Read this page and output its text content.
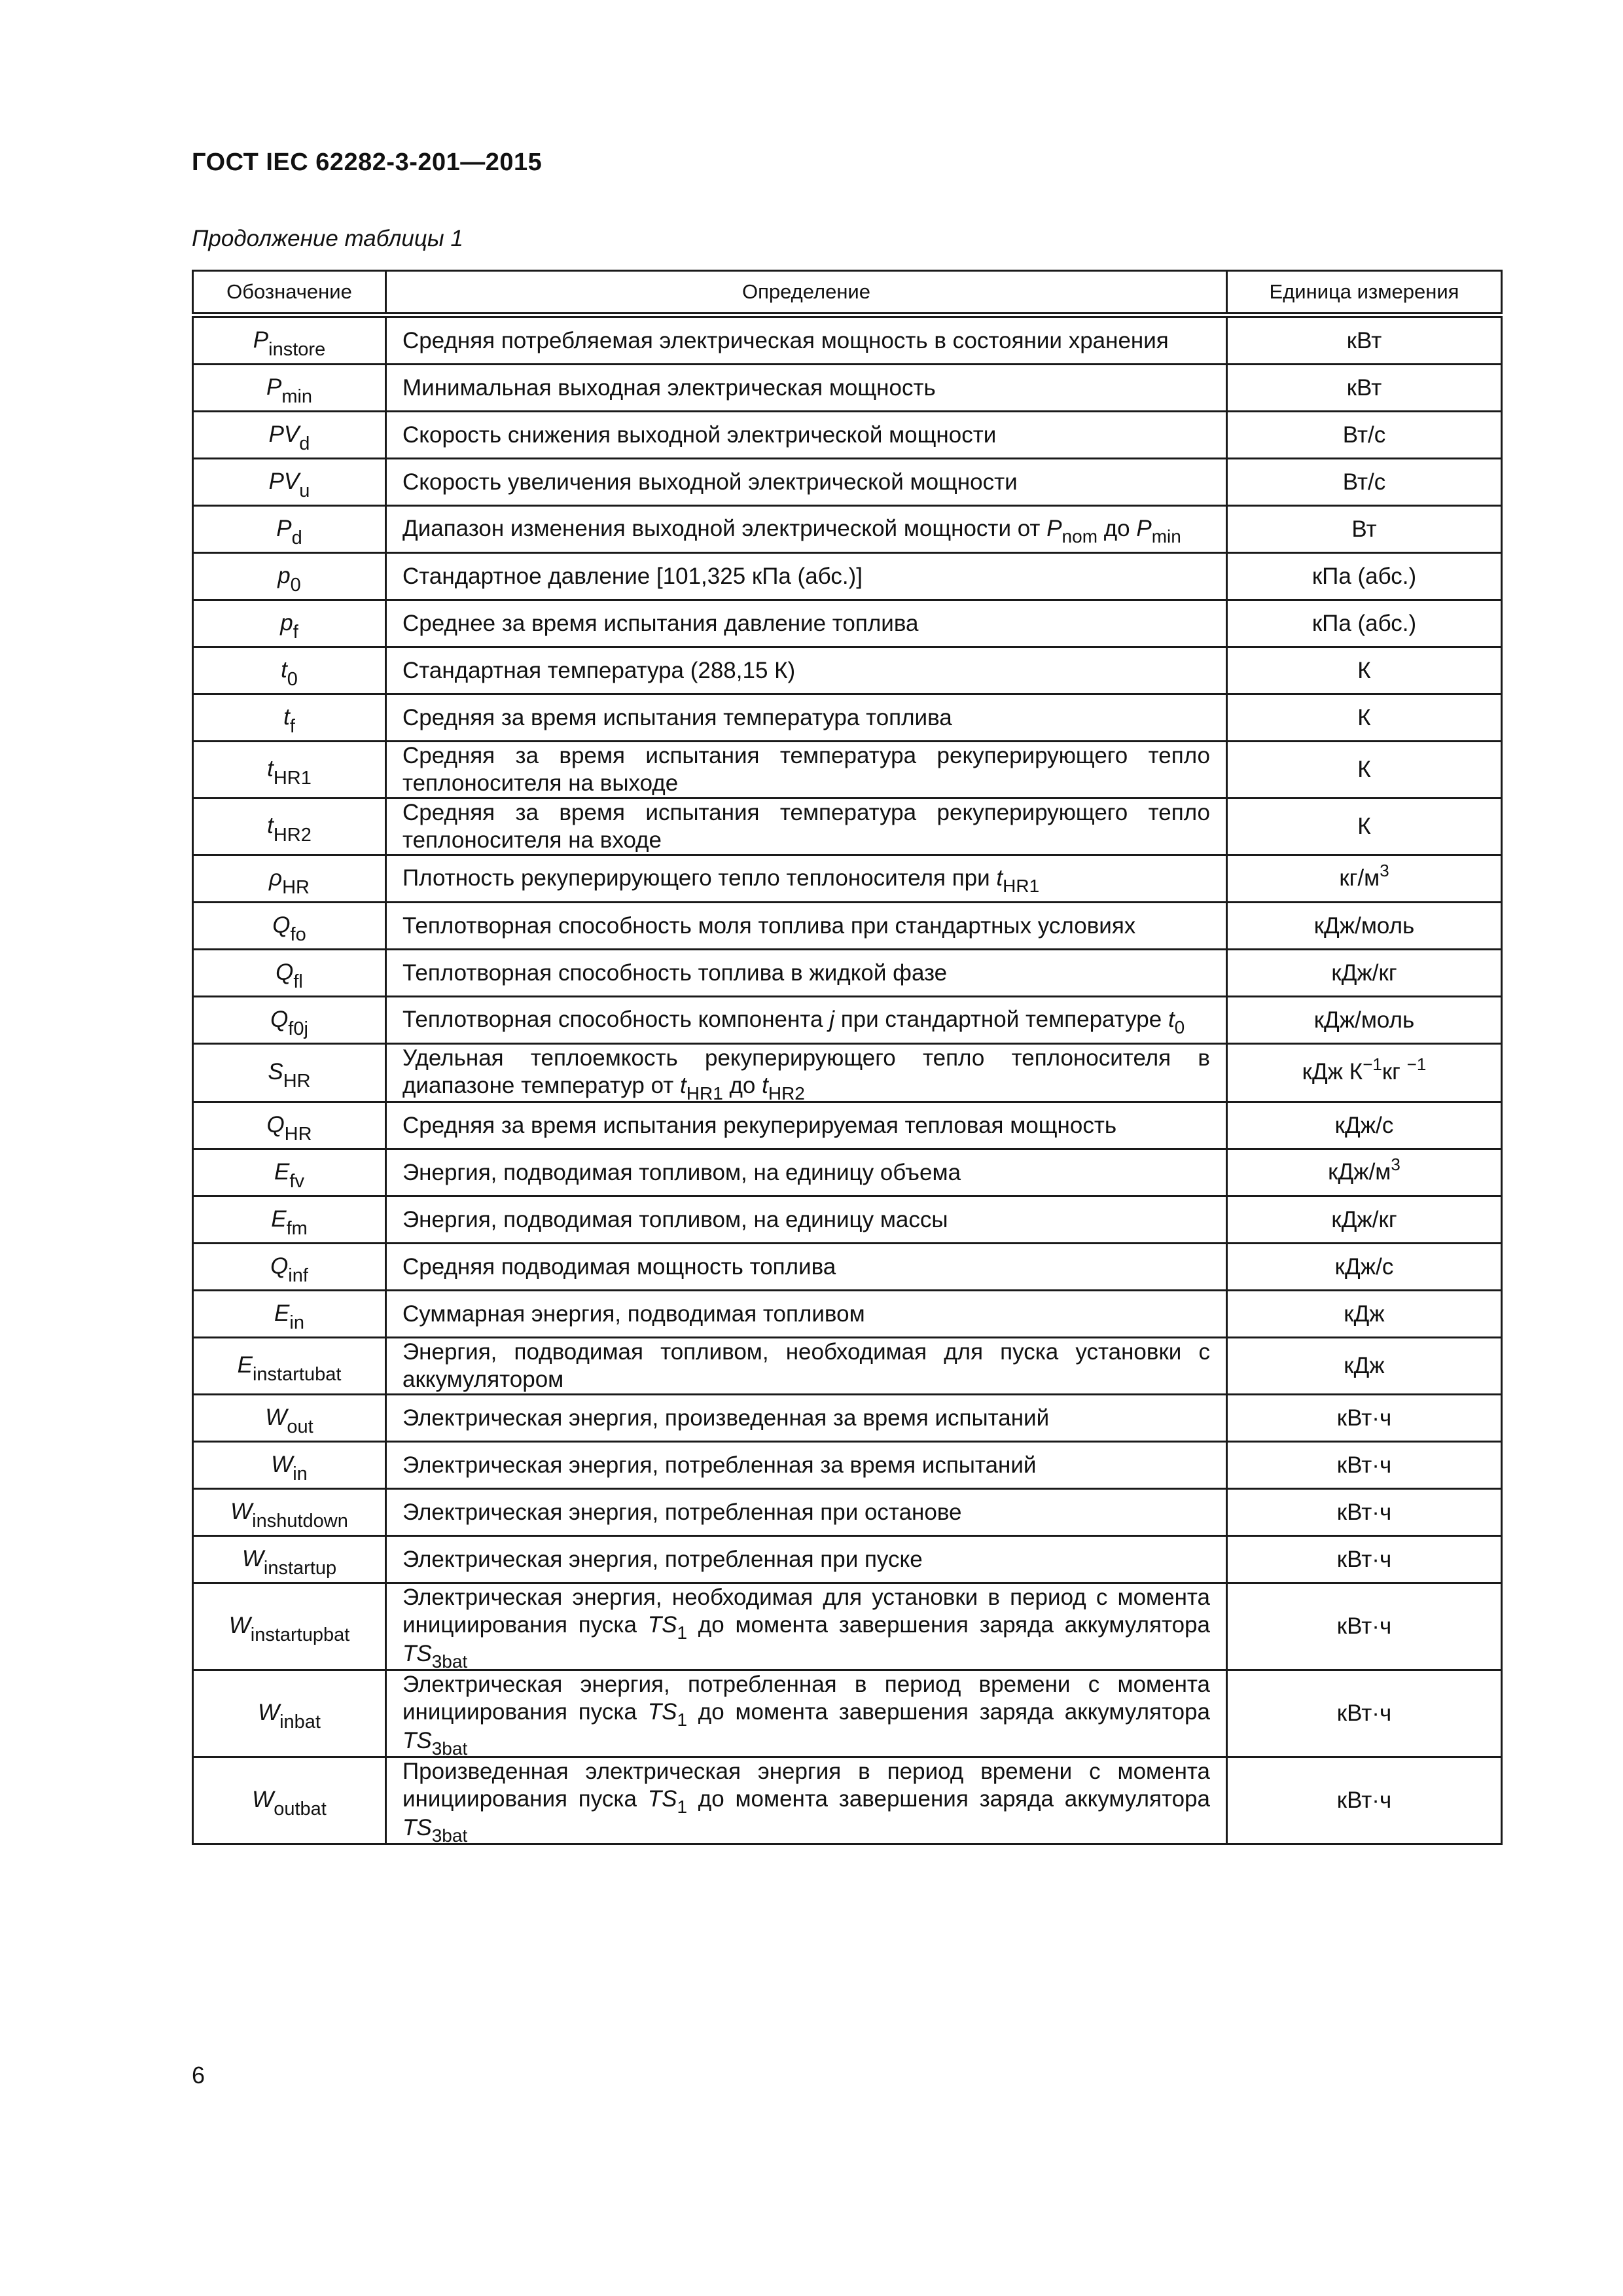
ГОСТ IEC 62282-3-201—2015
Продолжение таблицы 1
Обозначение	Определение	Единица измерения
$P_{instore}$	Средняя потребляемая электрическая мощность в состоянии хранения	кВт
$P_{min}$	Минимальная выходная электрическая мощность	кВт
$PV_d$	Скорость снижения выходной электрической мощности	Вт/с
$PV_u$	Скорость увеличения выходной электрической мощности	Вт/с
$P_d$	Диапазон изменения выходной электрической мощности от $P_{nom}$ до $P_{min}$	Вт
$p_0$	Стандартное давление [101,325 кПа (абс.)]	кПа (абс.)
$p_f$	Среднее за время испытания давление топлива	кПа (абс.)
$t_0$	Стандартная температура (288,15 К)	К
$t_f$	Средняя за время испытания температура топлива	К
$t_{HR1}$	Средняя за время испытания температура рекуперирующего тепло теплоносителя на выходе	К
$t_{HR2}$	Средняя за время испытания температура рекуперирующего тепло теплоносителя на входе	К
$\rho_{HR}$	Плотность рекуперирующего тепло теплоносителя при $t_{HR1}$	$кг/м^3$
$Q_{fo}$	Теплотворная способность моля топлива при стандартных условиях	кДж/моль
$Q_{fl}$	Теплотворная способность топлива в жидкой фазе	кДж/кг
$Q_{f0j}$	Теплотворная способность компонента j при стандартной температуре $t_0$	кДж/моль
$S_{HR}$	Удельная теплоемкость рекуперирующего тепло теплоносителя в диапазоне температур от $t_{HR1}$ до $t_{HR2}$	кДж $К^{-1}кг$ $^{-1}$
$Q_{HR}$	Средняя за время испытания рекуперируемая тепловая мощность	кДж/с
$E_{fv}$	Энергия, подводимая топливом, на единицу объема	кДж/$м^3$
$E_{fm}$	Энергия, подводимая топливом, на единицу массы	кДж/кг
$Q_{inf}$	Средняя подводимая мощность топлива	кДж/с
$E_{in}$	Суммарная энергия, подводимая топливом	кДж
$E_{instartubat}$	Энергия, подводимая топливом, необходимая для пуска установки с аккумулятором	кДж
$W_{out}$	Электрическая энергия, произведенная за время испытаний	кВт·ч
$W_{in}$	Электрическая энергия, потребленная за время испытаний	кВт·ч
$W_{inshutdown}$	Электрическая энергия, потребленная при останове	кВт·ч
$W_{instartup}$	Электрическая энергия, потребленная при пуске	кВт·ч
$W_{instartupbat}$	Электрическая энергия, необходимая для установки в период с момента инициирования пуска $TS_1$ до момента завершения заряда аккумулятора $TS_{3bat}$	кВт·ч
$W_{inbat}$	Электрическая энергия, потребленная в период времени с момента инициирования пуска $TS_1$ до момента завершения заряда аккумулятора $TS_{3bat}$	кВт·ч
$W_{outbat}$	Произведенная электрическая энергия в период времени с момента инициирования пуска $TS_1$ до момента завершения заряда аккумулятора $TS_{3bat}$	кВт·ч
6
